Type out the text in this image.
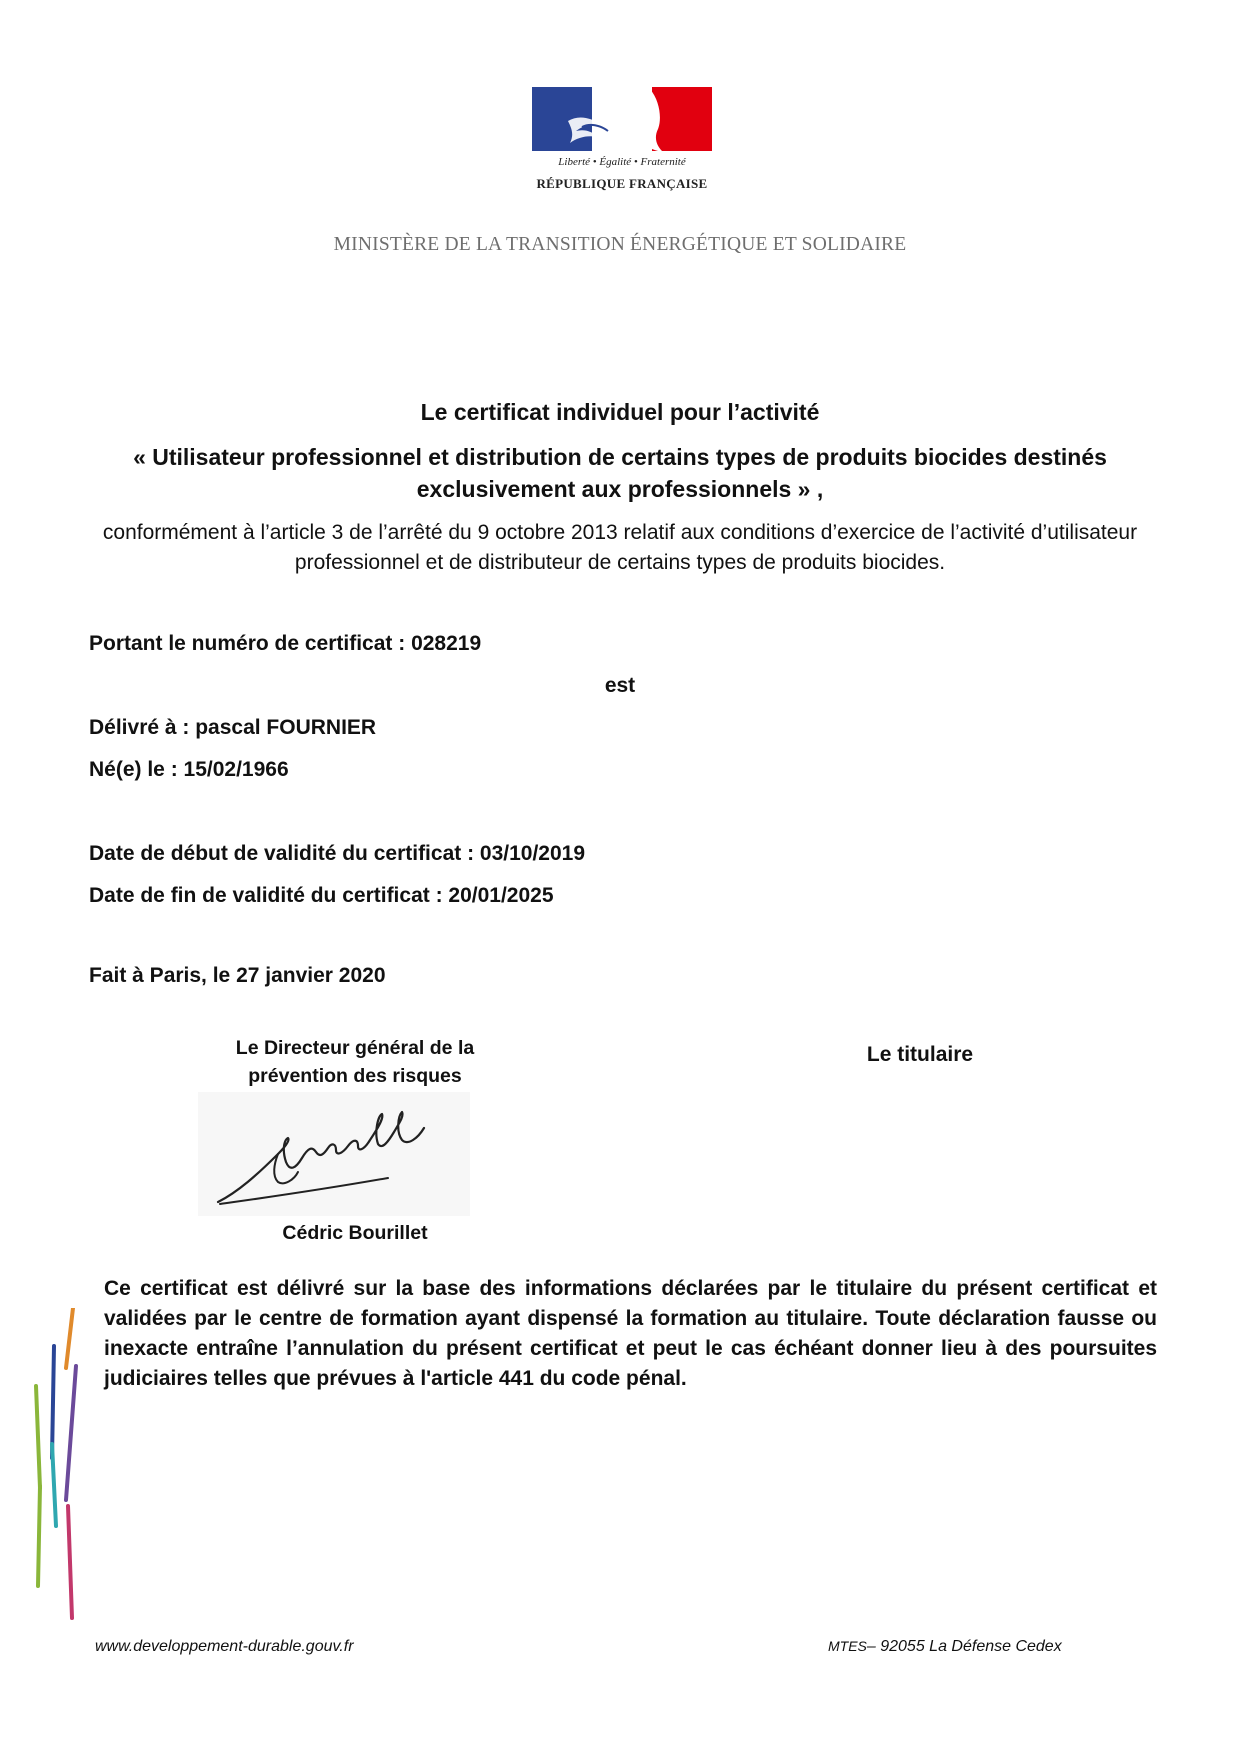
Liberté • Égalité • Fraternité
RÉPUBLIQUE FRANÇAISE
MINISTÈRE DE LA TRANSITION ÉNERGÉTIQUE ET SOLIDAIRE
Le certificat individuel pour l’activité
« Utilisateur professionnel et distribution de certains types de produits biocides destinés exclusivement aux professionnels » ,
conformément à l’article 3 de l’arrêté du 9 octobre 2013 relatif aux conditions d’exercice de l’activité d’utilisateur professionnel et de distributeur de certains types de produits biocides.
Portant le numéro de certificat : 028219
est
Délivré à : pascal FOURNIER
Né(e) le : 15/02/1966
Date de début de validité du certificat : 03/10/2019
Date de fin de validité du certificat : 20/01/2025
Fait à Paris, le 27 janvier 2020
Le Directeur général de la prévention des risques
Cédric Bourillet
Le titulaire
Ce certificat est délivré sur la base des informations déclarées par le titulaire du présent certificat et validées par le centre de formation ayant dispensé la formation au titulaire. Toute déclaration fausse ou inexacte entraîne l’annulation du présent certificat et peut le cas échéant donner lieu à des poursuites judiciaires telles que prévues à l'article 441 du code pénal.
www.developpement-durable.gouv.fr	MTES– 92055 La Défense Cedex
